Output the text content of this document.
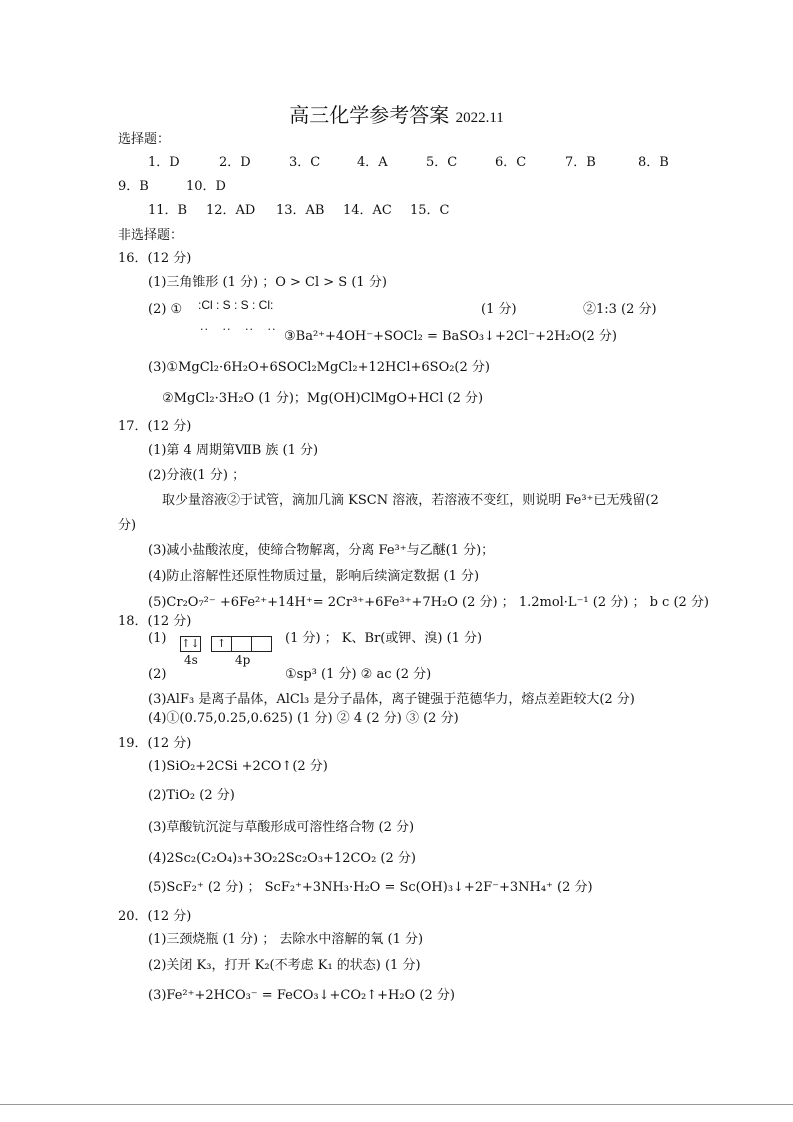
高三化学参考答案 2022.11
选择题：
1．D	2．D	3．C	4．A	5．C	6．C	7．B	8．B
9．B	10．D
11．B 12．AD 13．AB 14．AC 15．C
非选择题：
16．(12 分)
(1)三角锥形 (1 分) ；O > Cl > S (1 分)
(2) ① :Cl : S : S : Cl:
··   ··   ··   ··
(1 分)	②1:3 (2 分)
③Ba²⁺+4OH⁻+SOCl₂ = BaSO₃↓+2Cl⁻+2H₂O(2 分)
(3)①MgCl₂·6H₂O+6SOCl₂MgCl₂+12HCl+6SO₂(2 分)
②MgCl₂·3H₂O (1 分)；Mg(OH)ClMgO+HCl (2 分)
17．(12 分)
(1)第 4 周期第ⅦB 族 (1 分)
(2)分液(1 分) ；
取少量溶液②于试管，滴加几滴 KSCN 溶液，若溶液不变红，则说明 Fe³⁺已无残留(2
分)
(3)减小盐酸浓度，使缔合物解离，分离 Fe³⁺与乙醚(1 分)；
(4)防止溶解性还原性物质过量，影响后续滴定数据 (1 分)
(5)Cr₂O₇²⁻ +6Fe²⁺+14H⁺= 2Cr³⁺+6Fe³⁺+7H₂O (2 分) ； 1.2mol·L⁻¹ (2 分) ； b c (2 分)
18．(12 分)
(1) ↑↓	↑
4s	4p
(1 分) ； K、Br(或钾、溴) (1 分)
(2)	①sp³ (1 分) ② ac (2 分)
(3)AlF₃ 是离子晶体，AlCl₃ 是分子晶体，离子键强于范德华力，熔点差距较大(2 分)
(4)①(0.75,0.25,0.625) (1 分) ② 4 (2 分) ③ (2 分)
19．(12 分)
(1)SiO₂+2CSi +2CO↑(2 分)
(2)TiO₂ (2 分)
(3)草酸钪沉淀与草酸形成可溶性络合物 (2 分)
(4)2Sc₂(C₂O₄)₃+3O₂2Sc₂O₃+12CO₂ (2 分)
(5)ScF₂⁺ (2 分) ； ScF₂⁺+3NH₃·H₂O = Sc(OH)₃↓+2F⁻+3NH₄⁺ (2 分)
20．(12 分)
(1)三颈烧瓶 (1 分) ； 去除水中溶解的氧 (1 分)
(2)关闭 K₃，打开 K₂(不考虑 K₁ 的状态) (1 分)
(3)Fe²⁺+2HCO₃⁻ = FeCO₃↓+CO₂↑+H₂O (2 分)
